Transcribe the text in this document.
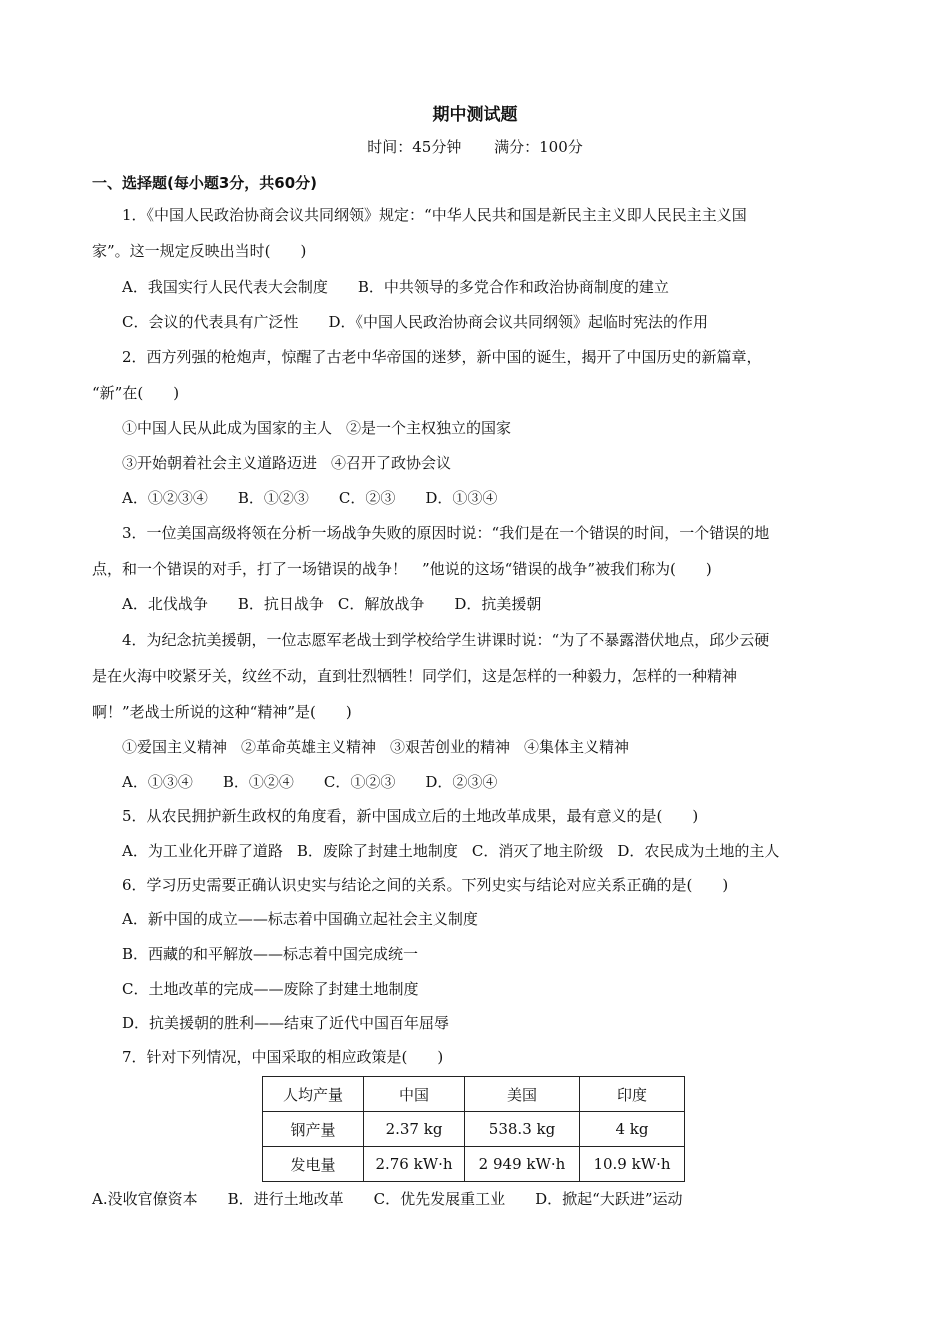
期中测试题
时间：45分钟 满分：100分
一、选择题(每小题3分，共60分)
1．《中国人民政治协商会议共同纲领》规定：“中华人民共和国是新民主主义即人民民主主义国
家”。这一规定反映出当时(　　)
A．我国实行人民代表大会制度 B．中共领导的多党合作和政治协商制度的建立
C．会议的代表具有广泛性 D．《中国人民政治协商会议共同纲领》起临时宪法的作用
2．西方列强的枪炮声，惊醒了古老中华帝国的迷梦，新中国的诞生，揭开了中国历史的新篇章，
“新”在(　　)
①中国人民从此成为国家的主人 ②是一个主权独立的国家
③开始朝着社会主义道路迈进 ④召开了政协会议
A．①②③④ B．①②③ C．②③ D．①③④
3．一位美国高级将领在分析一场战争失败的原因时说：“我们是在一个错误的时间，一个错误的地
点，和一个错误的对手，打了一场错误的战争！　”他说的这场“错误的战争”被我们称为(　　)
A．北伐战争 B．抗日战争 C．解放战争 D．抗美援朝
4．为纪念抗美援朝，一位志愿军老战士到学校给学生讲课时说：“为了不暴露潜伏地点，邱少云硬
是在火海中咬紧牙关，纹丝不动，直到壮烈牺牲！同学们，这是怎样的一种毅力，怎样的一种精神
啊！”老战士所说的这种“精神”是(　　)
①爱国主义精神 ②革命英雄主义精神 ③艰苦创业的精神 ④集体主义精神
A．①③④ B．①②④ C．①②③ D．②③④
5．从农民拥护新生政权的角度看，新中国成立后的土地改革成果，最有意义的是(　　)
A．为工业化开辟了道路 B．废除了封建土地制度 C．消灭了地主阶级 D．农民成为土地的主人
6．学习历史需要正确认识史实与结论之间的关系。下列史实与结论对应关系正确的是(　　)
A．新中国的成立——标志着中国确立起社会主义制度
B．西藏的和平解放——标志着中国完成统一
C．土地改革的完成——废除了封建土地制度
D．抗美援朝的胜利——结束了近代中国百年屈辱
7．针对下列情况，中国采取的相应政策是(　　)
人均产量	中国	美国	印度
钢产量	2.37 kg	538.3 kg	4 kg
发电量	2.76 kW·h	2 949 kW·h	10.9 kW·h
A.没收官僚资本 B．进行土地改革 C．优先发展重工业 D．掀起“大跃进”运动
